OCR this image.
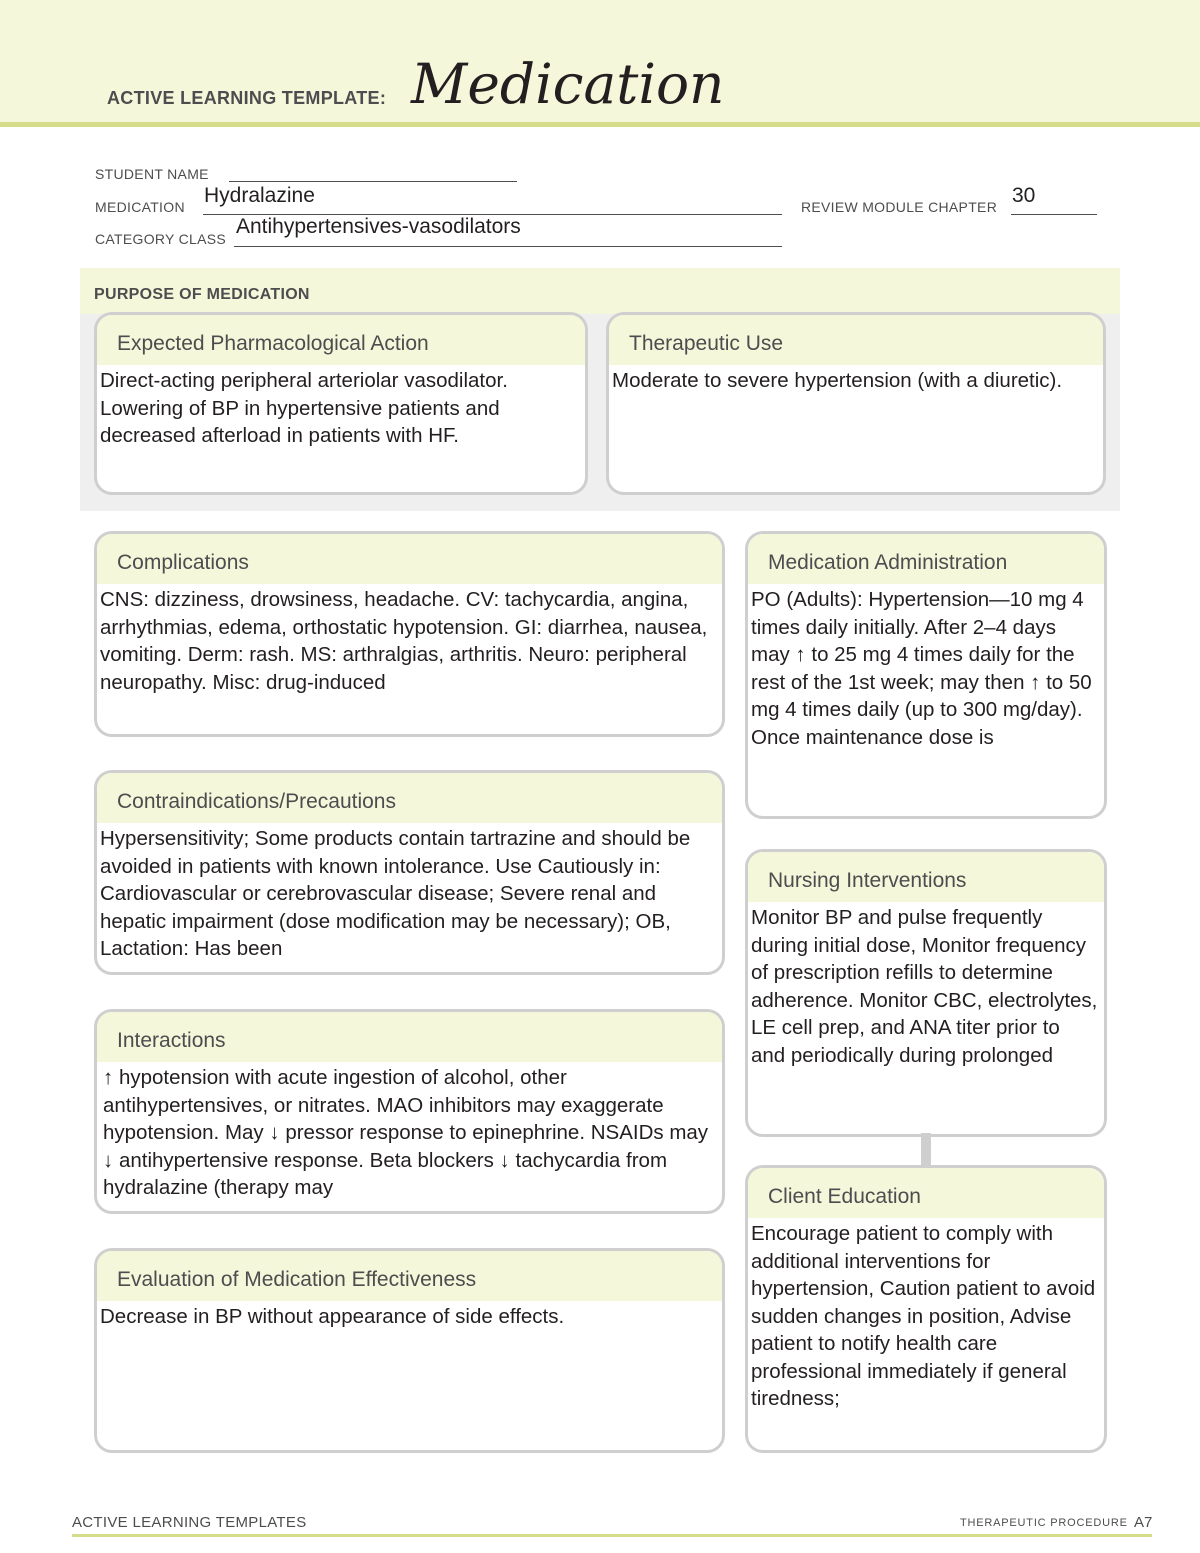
ACTIVE LEARNING TEMPLATE: Medication
STUDENT NAME
MEDICATION Hydralazine	REVIEW MODULE CHAPTER 30
CATEGORY CLASS
Antihypertensives-vasodilators
PURPOSE OF MEDICATION
Expected Pharmacological Action
Direct-acting peripheral arteriolar vasodilator. Lowering of BP in hypertensive patients and decreased afterload in patients with HF.
Therapeutic Use
Moderate to severe hypertension (with a diuretic).
Complications
CNS: dizziness, drowsiness, headache. CV: tachycardia, angina, arrhythmias, edema, orthostatic hypotension. GI: diarrhea, nausea, vomiting. Derm: rash. MS: arthralgias, arthritis. Neuro: peripheral neuropathy. Misc: drug-induced
Contraindications/Precautions
Hypersensitivity; Some products contain tartrazine and should be avoided in patients with known intolerance. Use Cautiously in: Cardiovascular or cerebrovascular disease; Severe renal and hepatic impairment (dose modification may be necessary); OB, Lactation: Has been
Interactions
↑ hypotension with acute ingestion of alcohol, other antihypertensives, or nitrates. MAO inhibitors may exaggerate hypotension. May ↓ pressor response to epinephrine. NSAIDs may ↓ antihypertensive response. Beta blockers ↓ tachycardia from hydralazine (therapy may
Evaluation of Medication Effectiveness
Decrease in BP without appearance of side effects.
Medication Administration
PO (Adults): Hypertension—10 mg 4 times daily initially. After 2–4 days may ↑ to 25 mg 4 times daily for the rest of the 1st week; may then ↑ to 50 mg 4 times daily (up to 300 mg/day). Once maintenance dose is
Nursing Interventions
Monitor BP and pulse frequently during initial dose, Monitor frequency of prescription refills to determine adherence. Monitor CBC, electrolytes, LE cell prep, and ANA titer prior to and periodically during prolonged
Client Education
Encourage patient to comply with additional interventions for hypertension, Caution patient to avoid sudden changes in position, Advise patient to notify health care professional immediately if general tiredness;
ACTIVE LEARNING TEMPLATES	THERAPEUTIC PROCEDURE A7
